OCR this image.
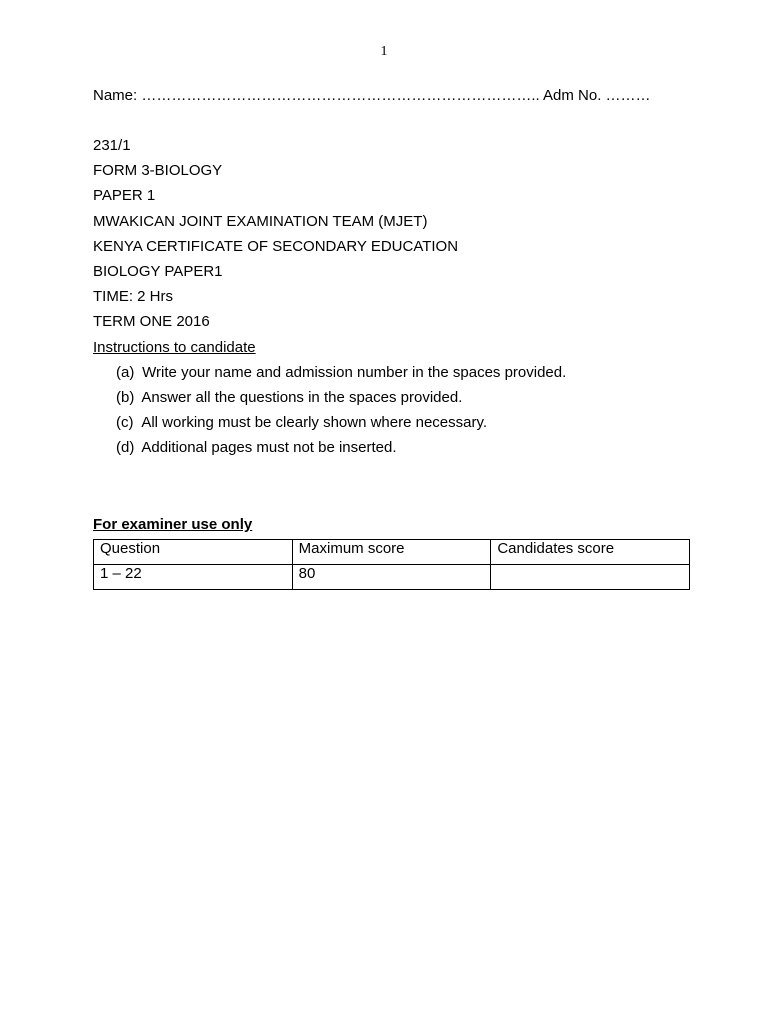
1
Name: …………………………………………………………………….. Adm No. ………
231/1
FORM 3-BIOLOGY
PAPER 1
MWAKICAN JOINT EXAMINATION TEAM (MJET)
KENYA CERTIFICATE OF SECONDARY EDUCATION
BIOLOGY PAPER1
TIME: 2 Hrs
TERM ONE 2016
Instructions to candidate
(a) Write your name and admission number in the spaces provided.
(b) Answer all the questions in the spaces provided.
(c) All working must be clearly shown where necessary.
(d) Additional pages must not be inserted.
For examiner use only
Question	Maximum score	Candidates score
1 – 22	80	
